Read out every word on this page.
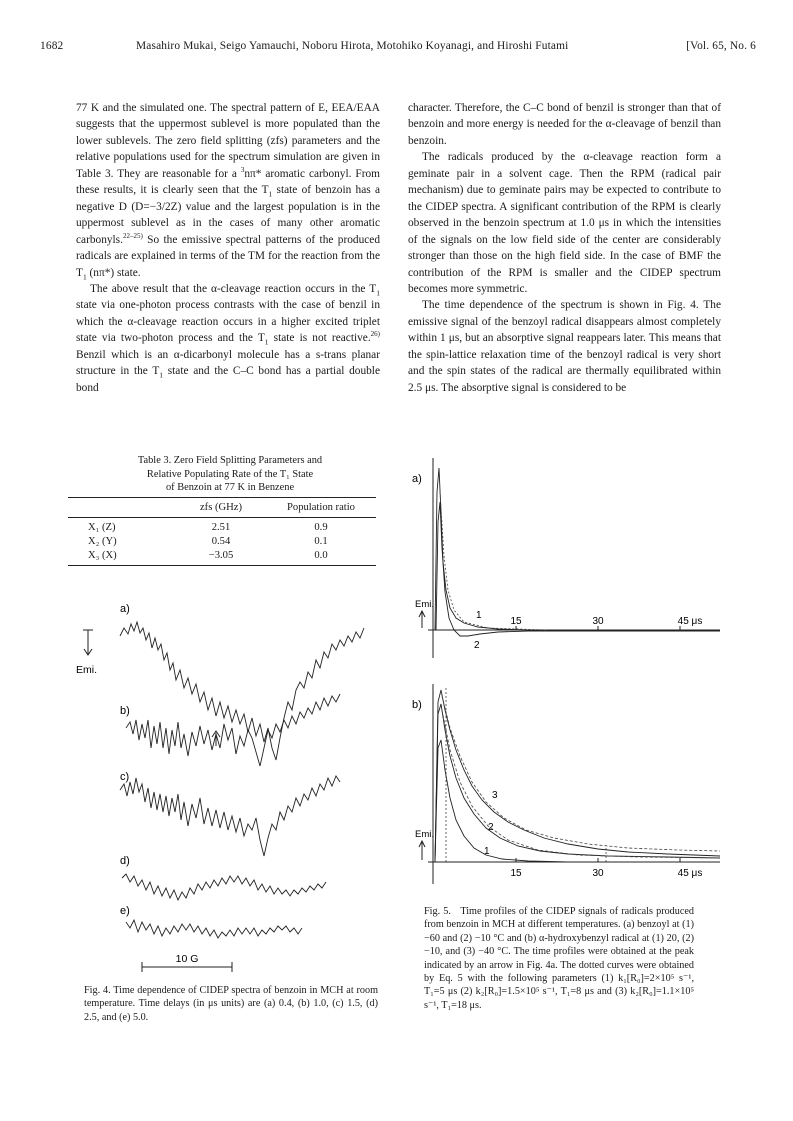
1682	Masahiro Mukai, Seigo Yamauchi, Noboru Hirota, Motohiko Koyanagi, and Hiroshi Futami	[Vol. 65, No. 6

77 K and the simulated one. The spectral pattern of E, EEA/EAA suggests that the uppermost sublevel is more populated than the lower sublevels. The zero field splitting (zfs) parameters and the relative populations used for the spectrum simulation are given in Table 3. They are reasonable for a $^3$nπ* aromatic carbonyl. From these results, it is clearly seen that the $T_1$ state of benzoin has a negative D (D=−3/2Z) value and the largest population is in the uppermost sublevel as in the cases of many other aromatic carbonyls.$^{22-25)}$ So the emissive spectral patterns of the produced radicals are explained in terms of the TM for the reaction from the $T_1$ (nπ*) state.

The above result that the α-cleavage reaction occurs in the $T_1$ state via one-photon process contrasts with the case of benzil in which the α-cleavage reaction occurs in a higher excited triplet state via two-photon process and the $T_1$ state is not reactive.$^{26)}$ Benzil which is an α-dicarbonyl molecule has a s-trans planar structure in the $T_1$ state and the C–C bond has a partial double bond

character. Therefore, the C–C bond of benzil is stronger than that of benzoin and more energy is needed for the α-cleavage of benzil than benzoin.

The radicals produced by the α-cleavage reaction form a geminate pair in a solvent cage. Then the RPM (radical pair mechanism) due to geminate pairs may be expected to contribute to the CIDEP spectra. A significant contribution of the RPM is clearly observed in the benzoin spectrum at 1.0 μs in which the intensities of the signals on the low field side of the center are considerably stronger than those on the high field side. In the case of BMF the contribution of the RPM is smaller and the CIDEP spectrum becomes more symmetric.

The time dependence of the spectrum is shown in Fig. 4. The emissive signal of the benzoyl radical disappears almost completely within 1 μs, but an absorptive signal reappears later. This means that the spin-lattice relaxation time of the benzoyl radical is very short and the spin states of the radical are thermally equilibrated within 2.5 μs. The absorptive signal is considered to be

Table 3. Zero Field Splitting Parameters and
Relative Populating Rate of the T₁ State
of Benzoin at 77 K in Benzene
	zfs (GHz)	Population ratio
X₁ (Z)	2.51	0.9
X₂ (Y)	0.54	0.1
X₃ (X)	−3.05	0.0
a)
b)
c)
d)
e)
Emi.
10 G
Fig. 4. Time dependence of CIDEP spectra of benzoin in MCH at room temperature. Time delays (in μs units) are (a) 0.4, (b) 1.0, (c) 1.5, (d) 2.5, and (e) 5.0.
a)
Emi.
15	30	45 μs
1
2
b)
Emi.
15	30	45 μs
3
2
1
Fig. 5. Time profiles of the CIDEP signals of radicals produced from benzoin in MCH at different temperatures. (a) benzoyl at (1) −60 and (2) −10 °C and (b) α-hydroxybenzyl radical at (1) 20, (2) −10, and (3) −40 °C. The time profiles were obtained at the peak indicated by an arrow in Fig. 4a. The dotted curves were obtained by Eq. 5 with the following parameters (1) k₁[R₀]=2×10⁵ s⁻¹, T₁=5 μs (2) k₂[R₀]=1.5×10⁵ s⁻¹, T₁=8 μs and (3) k₂[R₀]=1.1×10⁵ s⁻¹, T₁=18 μs.
